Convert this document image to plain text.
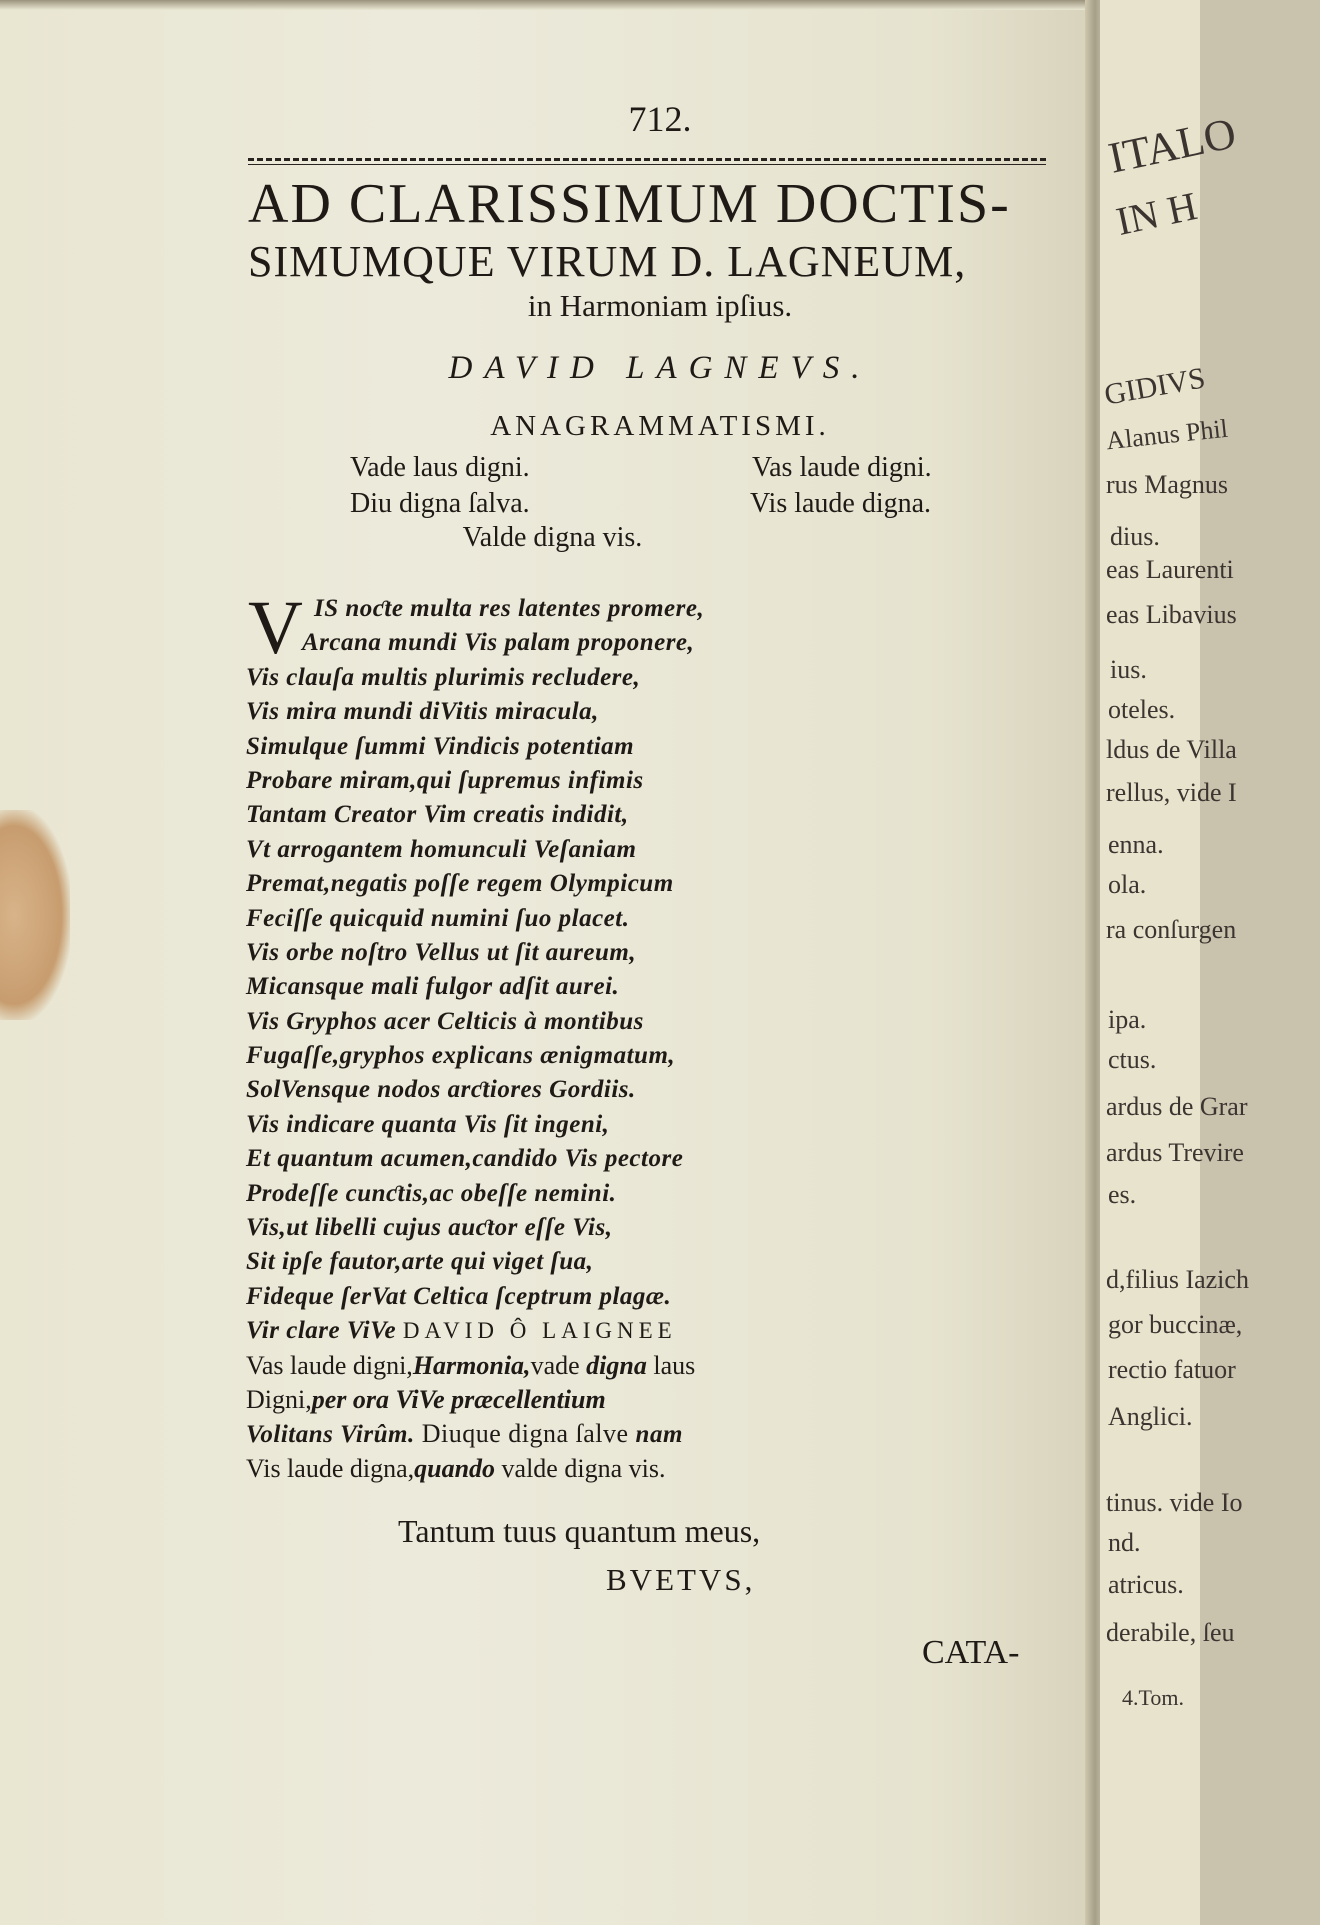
ITALO
IN H
GIDIVS
Alanus Phil
rus Magnus
dius.
eas Laurenti
eas Libavius
ius.
oteles.
ldus de Villa
rellus, vide I
enna.
ola.
ra conſurgen
ipa.
ctus.
ardus de Grar
ardus Trevire
es.
d,filius Iazich
gor buccinæ,
rectio fatuor
Anglici.
tinus. vide Io
nd.
atricus.
derabile, ſeu
4.Tom.
712.
AD CLARISSIMUM DOCTIS-
SIMUMQUE VIRUM D. LAGNEUM,
in Harmoniam ipſius.
DAVID LAGNEVS.
ANAGRAMMATISMI.
Vade laus digni.	Vas laude digni.
Diu digna ſalva.	Vis laude digna.
Valde digna vis.
V IS noƈte multa res latentes promere,
Arcana mundi Vis palam proponere,
Vis clauſa multis plurimis recludere,
Vis mira mundi diVitis miracula,
Simulque ſummi Vindicis potentiam
Probare miram,qui ſupremus infimis
Tantam Creator Vim creatis indidit,
Vt arrogantem homunculi Veſaniam
Premat,negatis poſſe regem Olympicum
Feciſſe quicquid numini ſuo placet.
Vis orbe noſtro Vellus ut ſit aureum,
Micansque mali fulgor adſit aurei.
Vis Gryphos acer Celticis à montibus
Fugaſſe,gryphos explicans ænigmatum,
SolVensque nodos arƈtiores Gordiis.
Vis indicare quanta Vis ſit ingeni,
Et quantum acumen,candido Vis pectore
Prodeſſe cunƈtis,ac obeſſe nemini.
Vis,ut libelli cujus auƈtor eſſe Vis,
Sit ipſe fautor,arte qui viget ſua,
Fideque ſerVat Celtica ſceptrum plagæ.
Vir clare ViVe DAVID Ô LAIGNEE
Vas laude digni,Harmonia,vade digna laus
Digni,per ora ViVe præcellentium
Volitans Virûm. Diuque digna ſalve nam
Vis laude digna,quando valde digna vis.
Tantum tuus quantum meus,
BVETVS,
CATA-
